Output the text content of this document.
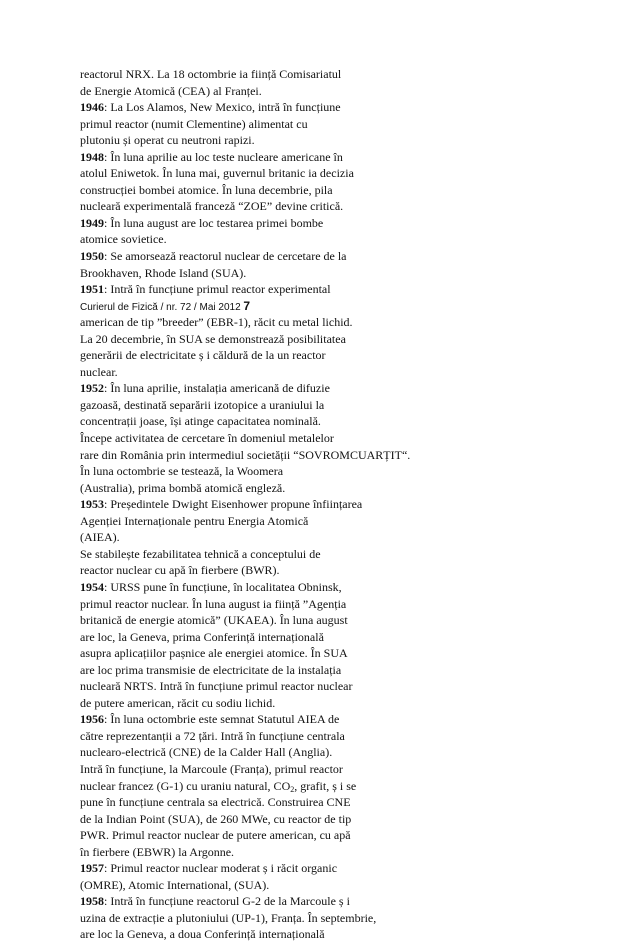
reactorul NRX. La 18 octombrie ia ființă Comisariatul
de Energie Atomică (CEA) al Franței.
1946: La Los Alamos, New Mexico, intră în funcțiune
primul reactor (numit Clementine) alimentat cu
plutoniu și operat cu neutroni rapizi.
1948: În luna aprilie au loc teste nucleare americane în
atolul Eniwetok. În luna mai, guvernul britanic ia decizia
construcției bombei atomice. În luna decembrie, pila
nucleară experimentală franceză “ZOE” devine critică.
1949: În luna august are loc testarea primei bombe
atomice sovietice.
1950: Se amorsează reactorul nuclear de cercetare de la
Brookhaven, Rhode Island (SUA).
1951: Intră în funcțiune primul reactor experimental
Curierul de Fizică / nr. 72 / Mai 2012 7
american de tip ”breeder” (EBR-1), răcit cu metal lichid.
La 20 decembrie, în SUA se demonstrează posibilitatea
generării de electricitate ș i căldură de la un reactor
nuclear.
1952: În luna aprilie, instalația americană de difuzie
gazoasă, destinată separării izotopice a uraniului la
concentrații joase, își atinge capacitatea nominală.
Începe activitatea de cercetare în domeniul metalelor
rare din România prin intermediul societății “SOVROMCUARȚIT“.
În luna octombrie se testează, la Woomera
(Australia), prima bombă atomică engleză.
1953: Președintele Dwight Eisenhower propune înființarea
Agenției Internaționale pentru Energia Atomică
(AIEA).
Se stabilește fezabilitatea tehnică a conceptului de
reactor nuclear cu apă în fierbere (BWR).
1954: URSS pune în funcțiune, în localitatea Obninsk,
primul reactor nuclear. În luna august ia ființă ”Agenția
britanică de energie atomică” (UKAEA). În luna august
are loc, la Geneva, prima Conferință internațională
asupra aplicațiilor pașnice ale energiei atomice. În SUA
are loc prima transmisie de electricitate de la instalația
nucleară NRTS. Intră în funcțiune primul reactor nuclear
de putere american, răcit cu sodiu lichid.
1956: În luna octombrie este semnat Statutul AIEA de
către reprezentanții a 72 țări. Intră în funcțiune centrala
nucleаro-electrică (CNE) de la Calder Hall (Anglia).
Intră în funcțiune, la Marcoule (Franța), primul reactor
nuclear francez (G-1) cu uraniu natural, $CO_2$, grafit, ș i se
pune în funcțiune centrala sa electrică. Construirea CNE
de la Indian Point (SUA), de 260 MWe, cu reactor de tip
PWR. Primul reactor nuclear de putere american, cu apă
în fierbere (EBWR) la Argonne.
1957: Primul reactor nuclear moderat ș i răcit organic
(OMRE), Atomic International, (SUA).
1958: Intră în funcțiune reactorul G-2 de la Marcoule ș i
uzina de extracție a plutoniului (UP-1), Franța. În septembrie,
are loc la Geneva, a doua Conferință internațională
